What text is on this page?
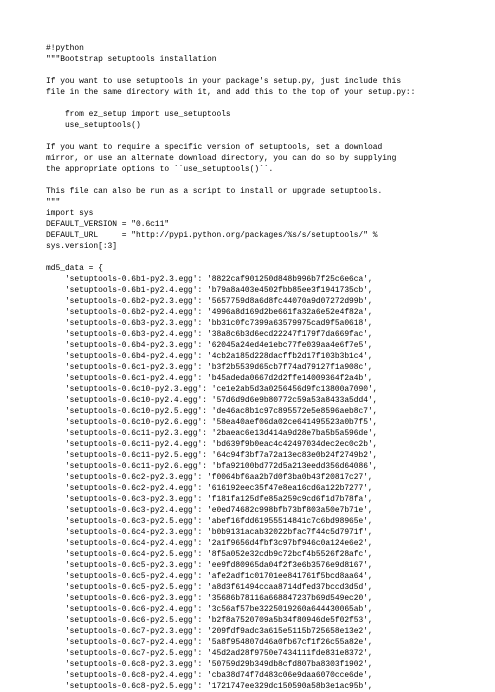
#!python
"""Bootstrap setuptools installation
If you want to use setuptools in your package's setup.py, just include this
file in the same directory with it, and add this to the top of your setup.py::
from ez_setup import use_setuptools
use_setuptools()
If you want to require a specific version of setuptools, set a download
mirror, or use an alternate download directory, you can do so by supplying
the appropriate options to ``use_setuptools()``.
This file can also be run as a script to install or upgrade setuptools.
"""
import sys
DEFAULT_VERSION = "0.6c11"
DEFAULT_URL     = "http://pypi.python.org/packages/%s/s/setuptools/" %
sys.version[:3]
md5_data = {
'setuptools-0.6b1-py2.3.egg': '8822caf901250d848b996b7f25c6e6ca',
'setuptools-0.6b1-py2.4.egg': 'b79a8a403e4502fbb85ee3f1941735cb',
'setuptools-0.6b2-py2.3.egg': '5657759d8a6d8fc44070a9d07272d99b',
'setuptools-0.6b2-py2.4.egg': '4996a8d169d2be661fa32a6e52e4f82a',
'setuptools-0.6b3-py2.3.egg': 'bb31c0fc7399a63579975cad9f5a0618',
'setuptools-0.6b3-py2.4.egg': '38a8c6b3d6ecd22247f179f7da669fac',
'setuptools-0.6b4-py2.3.egg': '62045a24ed4e1ebc77fe039aa4e6f7e5',
'setuptools-0.6b4-py2.4.egg': '4cb2a185d228dacffb2d17f103b3b1c4',
'setuptools-0.6c1-py2.3.egg': 'b3f2b5539d65cb7f74ad79127f1a908c',
'setuptools-0.6c1-py2.4.egg': 'b45adeda0667d2d2ffe14009364f2a4b',
'setuptools-0.6c10-py2.3.egg': 'ce1e2ab5d3a0256456d9fc13800a7090',
'setuptools-0.6c10-py2.4.egg': '57d6d9d6e9b80772c59a53a8433a5dd4',
'setuptools-0.6c10-py2.5.egg': 'de46ac8b1c97c895572e5e8596aeb8c7',
'setuptools-0.6c10-py2.6.egg': '58ea40aef06da02ce641495523a0b7f5',
'setuptools-0.6c11-py2.3.egg': '2baeac6e13d414a9d28e7ba5b5a596de',
'setuptools-0.6c11-py2.4.egg': 'bd639f9b0eac4c42497034dec2ec0c2b',
'setuptools-0.6c11-py2.5.egg': '64c94f3bf7a72a13ec83e0b24f2749b2',
'setuptools-0.6c11-py2.6.egg': 'bfa92100bd772d5a213eedd356d64086',
'setuptools-0.6c2-py2.3.egg': 'f0064bf6aa2b7d0f3ba0b43f20817c27',
'setuptools-0.6c2-py2.4.egg': '616192eec35f47e8ea16cd6a122b7277',
'setuptools-0.6c3-py2.3.egg': 'f181fa125dfe85a259c9cd6f1d7b78fa',
'setuptools-0.6c3-py2.4.egg': 'e0ed74682c998bfb73bf803a50e7b71e',
'setuptools-0.6c3-py2.5.egg': 'abef16fdd61955514841c7c6bd98965e',
'setuptools-0.6c4-py2.3.egg': 'b0b9131acab32022bfac7f44c5d7971f',
'setuptools-0.6c4-py2.4.egg': '2a1f9656d4fbf3c97bf946c0a124e6e2',
'setuptools-0.6c4-py2.5.egg': '8f5a052e32cdb9c72bcf4b5526f28afc',
'setuptools-0.6c5-py2.3.egg': 'ee9fd80965da04f2f3e6b3576e9d8167',
'setuptools-0.6c5-py2.4.egg': 'afe2adf1c01701ee841761f5bcd8aa64',
'setuptools-0.6c5-py2.5.egg': 'a8d3f61494ccaa8714dfed37bccd3d5d',
'setuptools-0.6c6-py2.3.egg': '35686b78116a668847237b69d549ec20',
'setuptools-0.6c6-py2.4.egg': '3c56af57be3225019260a644430065ab',
'setuptools-0.6c6-py2.5.egg': 'b2f8a7520709a5b34f80946de5f02f53',
'setuptools-0.6c7-py2.3.egg': '209fdf9adc3a615e5115b725658e13e2',
'setuptools-0.6c7-py2.4.egg': '5a8f954807d46a0fb67cf1f26c55a82e',
'setuptools-0.6c7-py2.5.egg': '45d2ad28f9750e7434111fde831e8372',
'setuptools-0.6c8-py2.3.egg': '50759d29b349db8cfd807ba8303f1902',
'setuptools-0.6c8-py2.4.egg': 'cba38d74f7d483c06e9daa6070cce6de',
'setuptools-0.6c8-py2.5.egg': '1721747ee329dc150590a58b3e1ac95b',
